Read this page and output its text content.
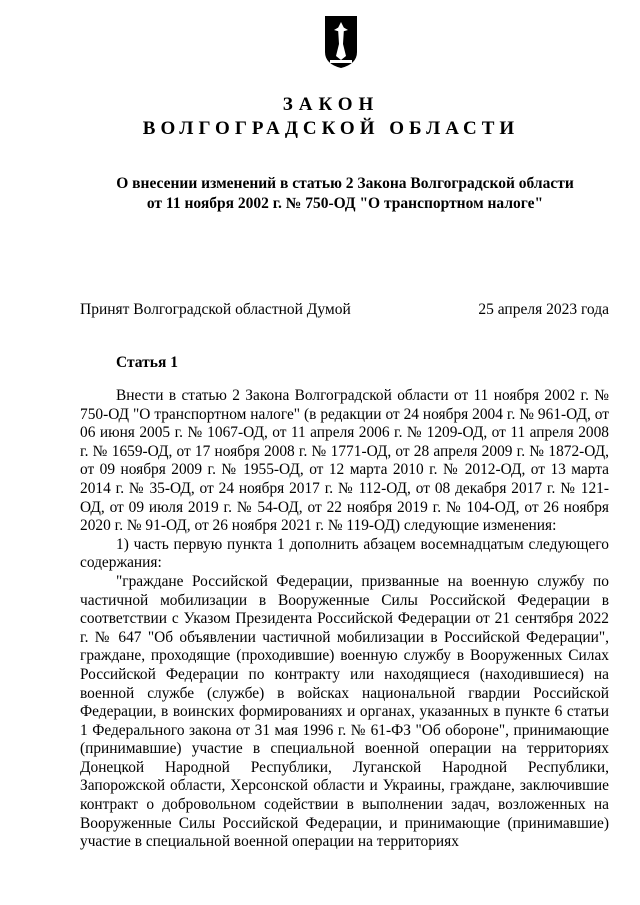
ЗАКОН
ВОЛГОГРАДСКОЙ ОБЛАСТИ
О внесении изменений в статью 2 Закона Волгоградской области
от 11 ноября 2002 г. № 750-ОД "О транспортном налоге"
Принят Волгоградской областной Думой	25 апреля 2023 года
Статья 1

Внести в статью 2 Закона Волгоградской области от 11 ноября 2002 г. № 750-ОД "О транспортном налоге" (в редакции от 24 ноября 2004 г. № 961-ОД, от 06 июня 2005 г. № 1067-ОД, от 11 апреля 2006 г. № 1209-ОД, от 11 апреля 2008 г. № 1659-ОД, от 17 ноября 2008 г. № 1771-ОД, от 28 апреля 2009 г. № 1872-ОД, от 09 ноября 2009 г. № 1955-ОД, от 12 марта 2010 г. № 2012-ОД, от 13 марта 2014 г. № 35-ОД, от 24 ноября 2017 г. № 112-ОД, от 08 декабря 2017 г. № 121-ОД, от 09 июля 2019 г. № 54-ОД, от 22 ноября 2019 г. № 104-ОД, от 26 ноября 2020 г. № 91-ОД, от 26 ноября 2021 г. № 119-ОД) следующие изменения:

1) часть первую пункта 1 дополнить абзацем восемнадцатым следующего содержания:

"граждане Российской Федерации, призванные на военную службу по частичной мобилизации в Вооруженные Силы Российской Федерации в соответствии с Указом Президента Российской Федерации от 21 сентября 2022 г. № 647 "Об объявлении частичной мобилизации в Российской Федерации", граждане, проходящие (проходившие) военную службу в Вооруженных Силах Российской Федерации по контракту или находящиеся (находившиеся) на военной службе (службе) в войсках национальной гвардии Российской Федерации, в воинских формированиях и органах, указанных в пункте 6 статьи 1 Федерального закона от 31 мая 1996 г. № 61-ФЗ "Об обороне", принимающие (принимавшие) участие в специальной военной операции на территориях Донецкой Народной Республики, Луганской Народной Республики, Запорожской области, Херсонской области и Украины, граждане, заключившие контракт о добровольном содействии в выполнении задач, возложенных на Вооруженные Силы Российской Федерации, и принимающие (принимавшие) участие в специальной военной операции на территориях
